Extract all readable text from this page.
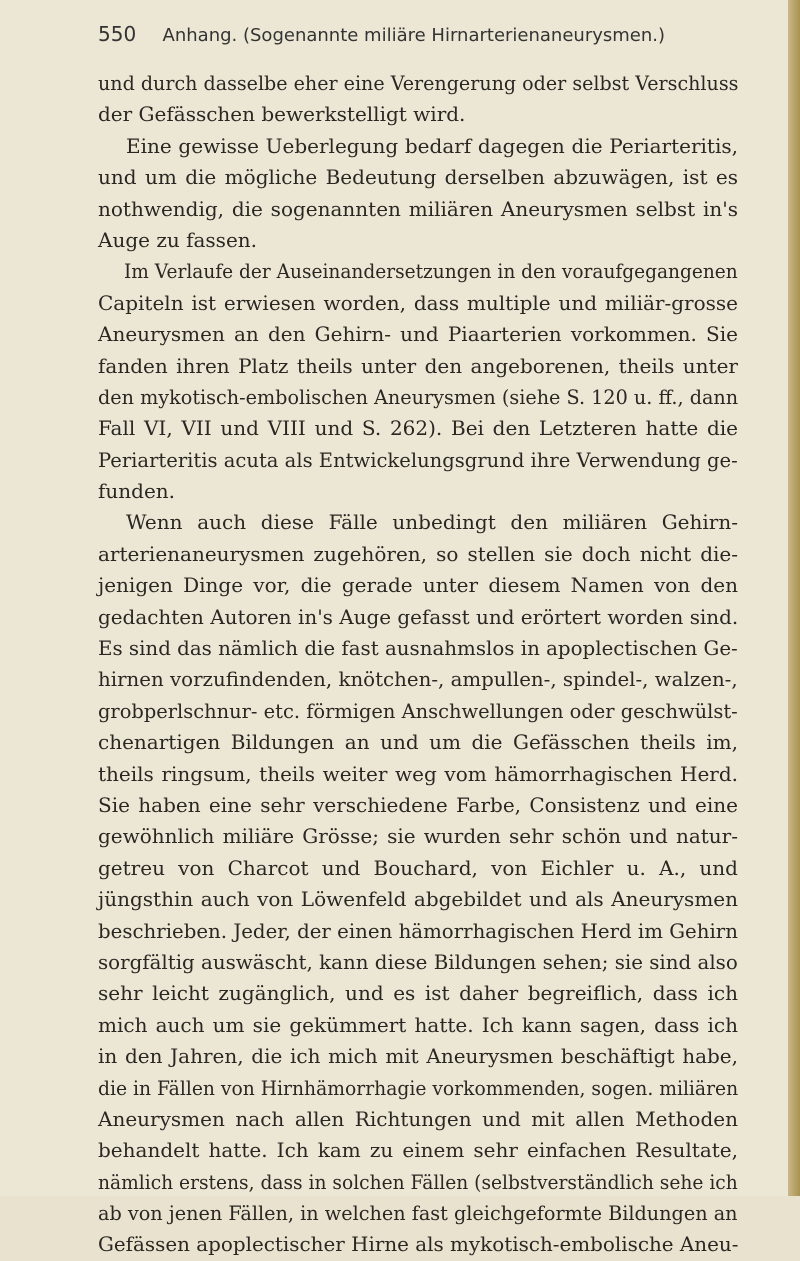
550 Anhang. (Sogenannte miliäre Hirnarterienaneurysmen.)
und durch dasselbe eher eine Verengerung oder selbst Verschluss
der Gefässchen bewerkstelligt wird.
Eine gewisse Ueberlegung bedarf dagegen die Periarteritis,
und um die mögliche Bedeutung derselben abzuwägen, ist es
nothwendig, die sogenannten miliären Aneurysmen selbst in's
Auge zu fassen.
Im Verlaufe der Auseinandersetzungen in den voraufgegangenen
Capiteln ist erwiesen worden, dass multiple und miliär-grosse
Aneurysmen an den Gehirn- und Piaarterien vorkommen. Sie
fanden ihren Platz theils unter den angeborenen, theils unter
den mykotisch-embolischen Aneurysmen (siehe S. 120 u. ff., dann
Fall VI, VII und VIII und S. 262). Bei den Letzteren hatte die
Periarteritis acuta als Entwickelungsgrund ihre Verwendung ge-
funden.
Wenn auch diese Fälle unbedingt den miliären Gehirn-
arterienaneurysmen zugehören, so stellen sie doch nicht die-
jenigen Dinge vor, die gerade unter diesem Namen von den
gedachten Autoren in's Auge gefasst und erörtert worden sind.
Es sind das nämlich die fast ausnahmslos in apoplectischen Ge-
hirnen vorzufindenden, knötchen-, ampullen-, spindel-, walzen-,
grobperlschnur- etc. förmigen Anschwellungen oder geschwülst-
chenartigen Bildungen an und um die Gefässchen theils im,
theils ringsum, theils weiter weg vom hämorrhagischen Herd.
Sie haben eine sehr verschiedene Farbe, Consistenz und eine
gewöhnlich miliäre Grösse; sie wurden sehr schön und natur-
getreu von Charcot und Bouchard, von Eichler u. A., und
jüngsthin auch von Löwenfeld abgebildet und als Aneurysmen
beschrieben. Jeder, der einen hämorrhagischen Herd im Gehirn
sorgfältig auswäscht, kann diese Bildungen sehen; sie sind also
sehr leicht zugänglich, und es ist daher begreiflich, dass ich
mich auch um sie gekümmert hatte. Ich kann sagen, dass ich
in den Jahren, die ich mich mit Aneurysmen beschäftigt habe,
die in Fällen von Hirnhämorrhagie vorkommenden, sogen. miliären
Aneurysmen nach allen Richtungen und mit allen Methoden
behandelt hatte. Ich kam zu einem sehr einfachen Resultate,
nämlich erstens, dass in solchen Fällen (selbstverständlich sehe ich
ab von jenen Fällen, in welchen fast gleichgeformte Bildungen an
Gefässen apoplectischer Hirne als mykotisch-embolische Aneu-
